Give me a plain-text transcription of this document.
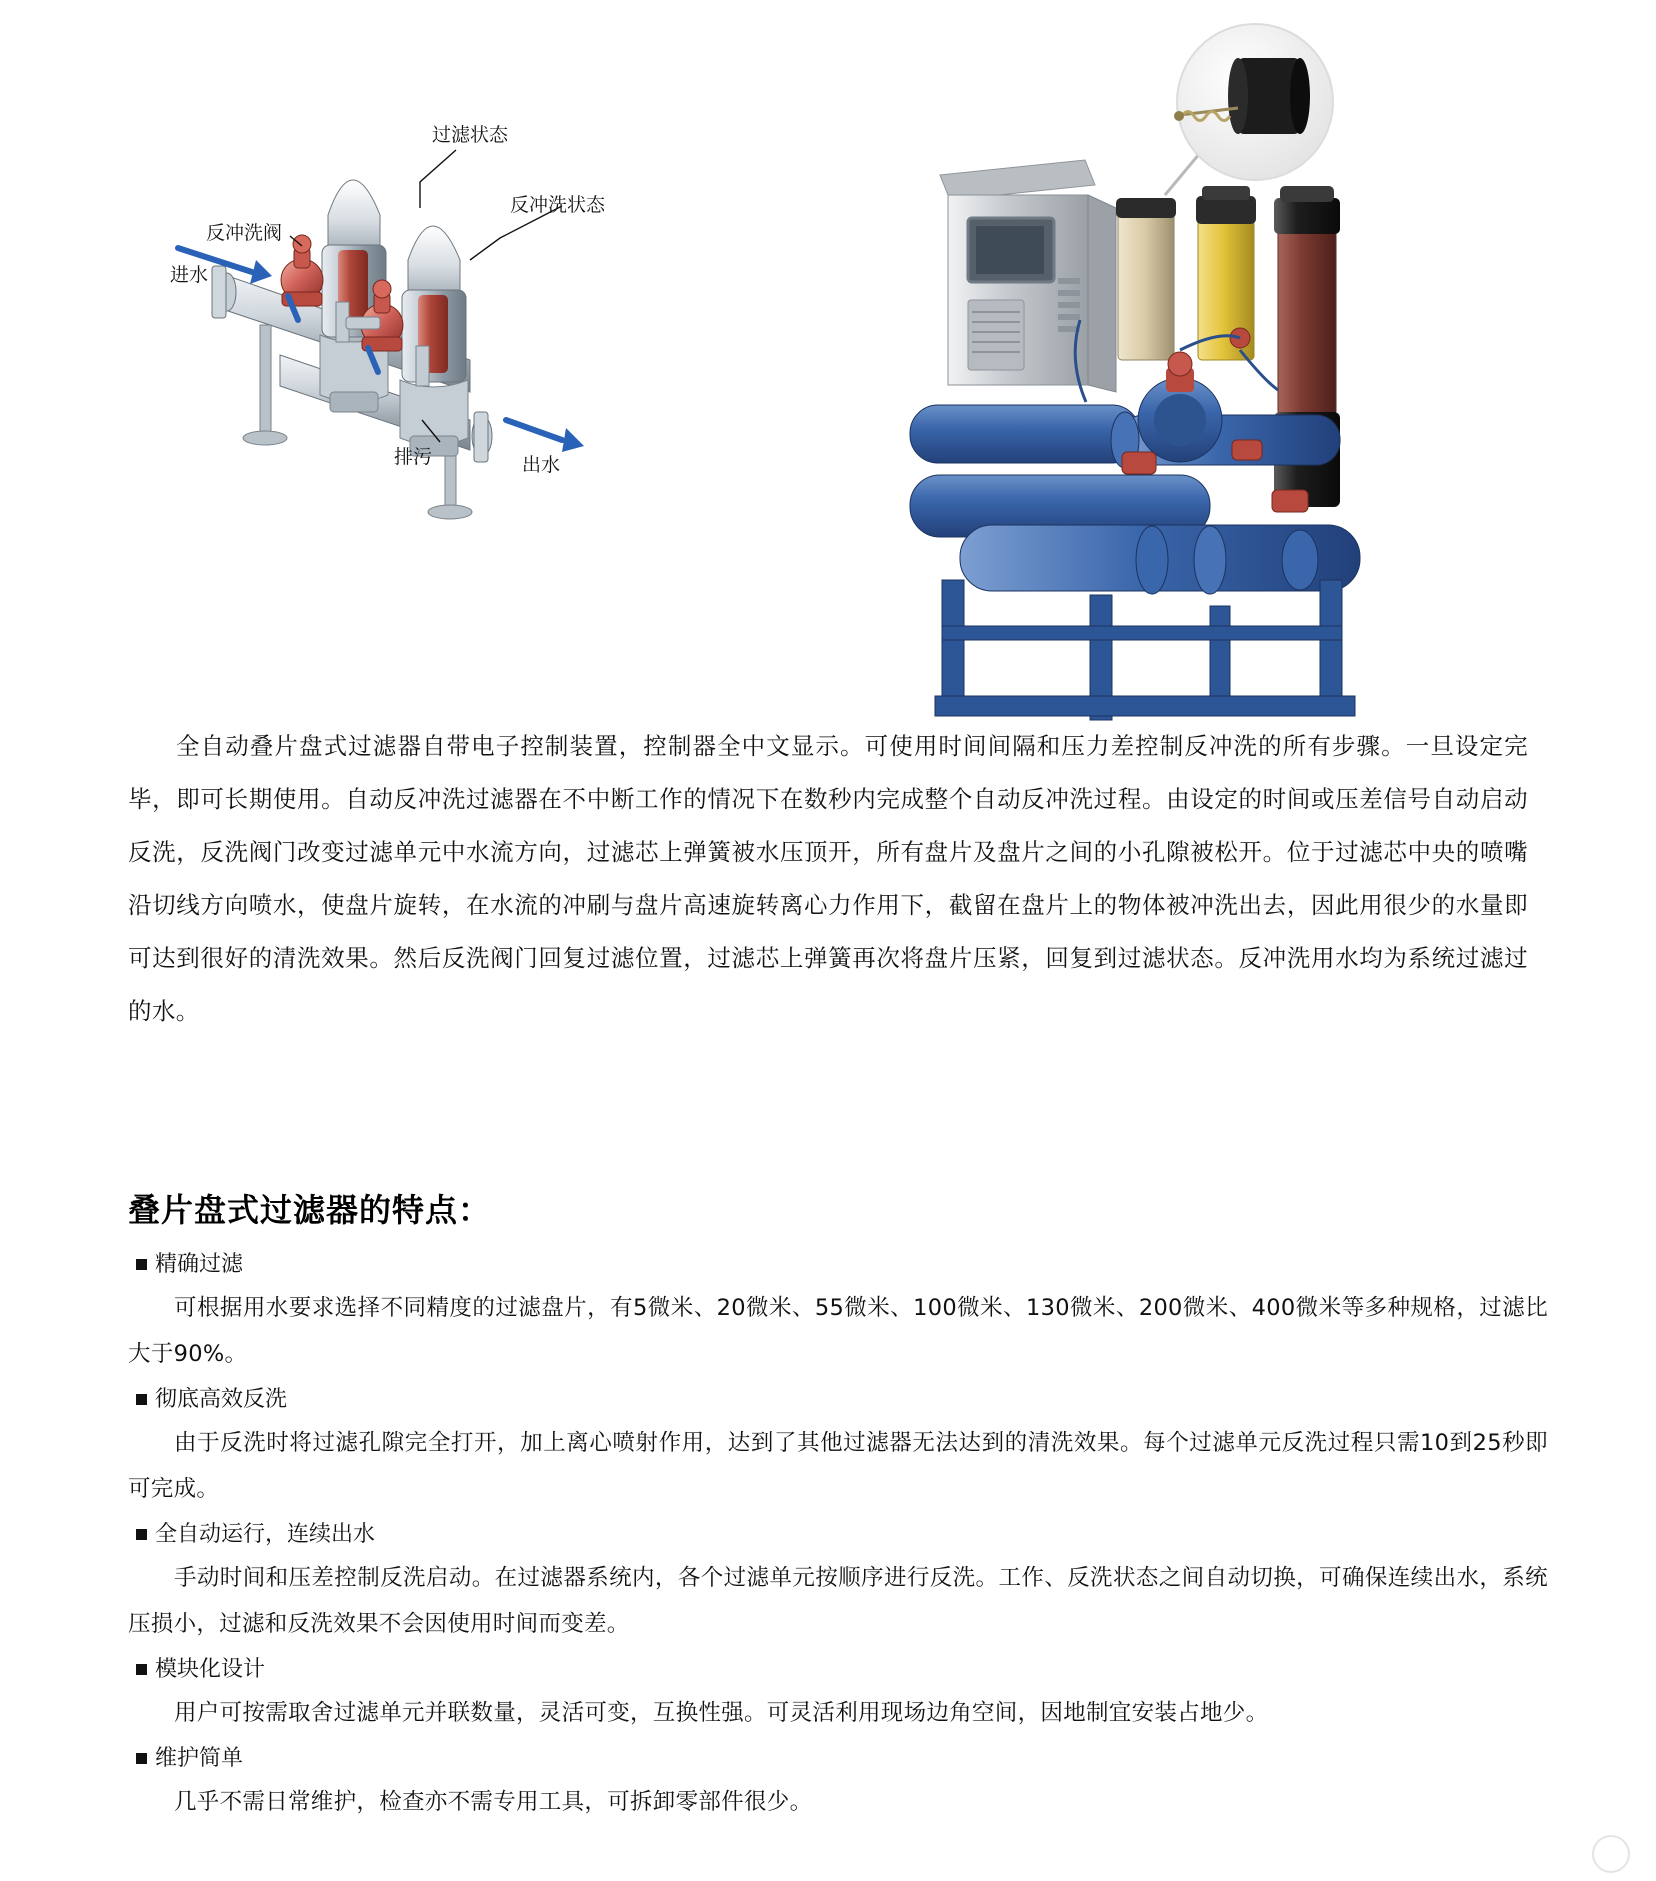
过滤状态
反冲洗状态
反冲洗阀
进水
排污	出水

全自动叠片盘式过滤器自带电子控制装置，控制器全中文显示。可使用时间间隔和压力差控制反冲洗的所有步骤。一旦设定完毕，即可长期使用。自动反冲洗过滤器在不中断工作的情况下在数秒内完成整个自动反冲洗过程。由设定的时间或压差信号自动启动反洗，反洗阀门改变过滤单元中水流方向，过滤芯上弹簧被水压顶开，所有盘片及盘片之间的小孔隙被松开。位于过滤芯中央的喷嘴沿切线方向喷水，使盘片旋转，在水流的冲刷与盘片高速旋转离心力作用下，截留在盘片上的物体被冲洗出去，因此用很少的水量即可达到很好的清洗效果。然后反洗阀门回复过滤位置，过滤芯上弹簧再次将盘片压紧，回复到过滤状态。反冲洗用水均为系统过滤过的水。

叠片盘式过滤器的特点：
精确过滤
可根据用水要求选择不同精度的过滤盘片，有5微米、20微米、55微米、100微米、130微米、200微米、400微米等多种规格，过滤比大于90%。
彻底高效反洗
由于反洗时将过滤孔隙完全打开，加上离心喷射作用，达到了其他过滤器无法达到的清洗效果。每个过滤单元反洗过程只需10到25秒即可完成。
全自动运行，连续出水
手动时间和压差控制反洗启动。在过滤器系统内，各个过滤单元按顺序进行反洗。工作、反洗状态之间自动切换，可确保连续出水，系统压损小，过滤和反洗效果不会因使用时间而变差。
模块化设计
用户可按需取舍过滤单元并联数量，灵活可变，互换性强。可灵活利用现场边角空间，因地制宜安装占地少。
维护简单
几乎不需日常维护，检查亦不需专用工具，可拆卸零部件很少。
